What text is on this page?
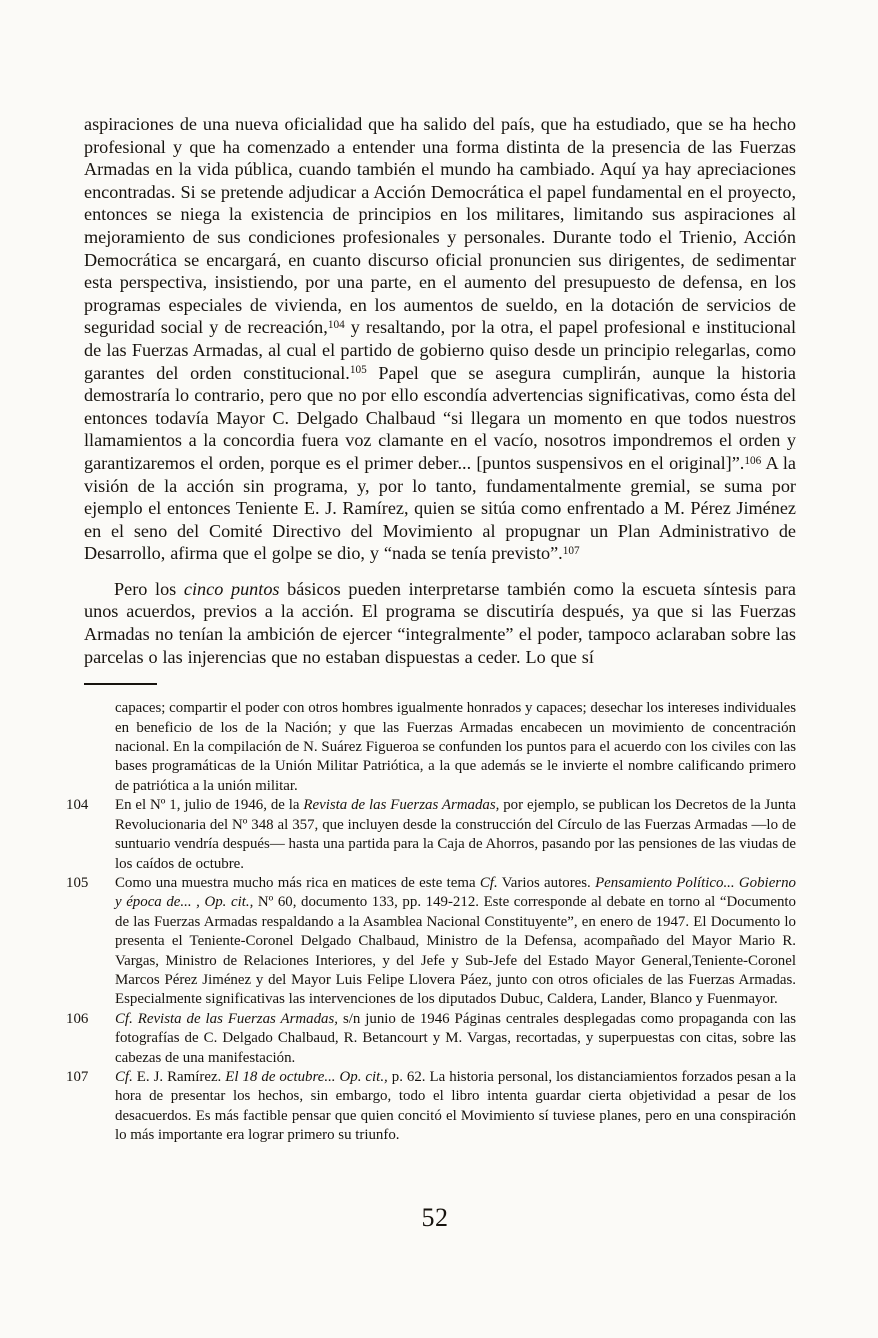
aspiraciones de una nueva oficialidad que ha salido del país, que ha estudiado, que se ha hecho profesional y que ha comenzado a entender una forma distinta de la presencia de las Fuerzas Armadas en la vida pública, cuando también el mundo ha cambiado. Aquí ya hay apreciaciones encontradas. Si se pretende adjudicar a Acción Democrática el papel fundamental en el proyecto, entonces se niega la existencia de principios en los militares, limitando sus aspiraciones al mejoramiento de sus condiciones profesionales y personales. Durante todo el Trienio, Acción Democrática se encargará, en cuanto discurso oficial pronuncien sus dirigentes, de sedimentar esta perspectiva, insistiendo, por una parte, en el aumento del presupuesto de defensa, en los programas especiales de vivienda, en los aumentos de sueldo, en la dotación de servicios de seguridad social y de recreación,$^{104}$ y resaltando, por la otra, el papel profesional e institucional de las Fuerzas Armadas, al cual el partido de gobierno quiso desde un principio relegarlas, como garantes del orden constitucional.$^{105}$ Papel que se asegura cumplirán, aunque la historia demostraría lo contrario, pero que no por ello escondía advertencias significativas, como ésta del entonces todavía Mayor C. Delgado Chalbaud “si llegara un momento en que todos nuestros llamamientos a la concordia fuera voz clamante en el vacío, nosotros impondremos el orden y garantizaremos el orden, porque es el primer deber... [puntos suspensivos en el original]”.$^{106}$ A la visión de la acción sin programa, y, por lo tanto, fundamentalmente gremial, se suma por ejemplo el entonces Teniente E. J. Ramírez, quien se sitúa como enfrentado a M. Pérez Jiménez en el seno del Comité Directivo del Movimiento al propugnar un Plan Administrativo de Desarrollo, afirma que el golpe se dio, y “nada se tenía previsto”.$^{107}$

Pero los cinco puntos básicos pueden interpretarse también como la escueta síntesis para unos acuerdos, previos a la acción. El programa se discutiría después, ya que si las Fuerzas Armadas no tenían la ambición de ejercer “integralmente” el poder, tampoco aclaraban sobre las parcelas o las injerencias que no estaban dispuestas a ceder. Lo que sí

capaces; compartir el poder con otros hombres igualmente honrados y capaces; desechar los intereses individuales en beneficio de los de la Nación; y que las Fuerzas Armadas encabecen un movimiento de concentración nacional. En la compilación de N. Suárez Figueroa se confunden los puntos para el acuerdo con los civiles con las bases programáticas de la Unión Militar Patriótica, a la que además se le invierte el nombre calificando primero de patriótica a la unión militar.
104	En el Nº 1, julio de 1946, de la Revista de las Fuerzas Armadas, por ejemplo, se publican los Decretos de la Junta Revolucionaria del Nº 348 al 357, que incluyen desde la construcción del Círculo de las Fuerzas Armadas —lo de suntuario vendría después— hasta una partida para la Caja de Ahorros, pasando por las pensiones de las viudas de los caídos de octubre.
105	Como una muestra mucho más rica en matices de este tema Cf. Varios autores. Pensamiento Político... Gobierno y época de... , Op. cit., Nº 60, documento 133, pp. 149-212. Este corresponde al debate en torno al “Documento de las Fuerzas Armadas respaldando a la Asamblea Nacional Constituyente”, en enero de 1947. El Documento lo presenta el Teniente-Coronel Delgado Chalbaud, Ministro de la Defensa, acompañado del Mayor Mario R. Vargas, Ministro de Relaciones Interiores, y del Jefe y Sub-Jefe del Estado Mayor General,Teniente-Coronel Marcos Pérez Jiménez y del Mayor Luis Felipe Llovera Páez, junto con otros oficiales de las Fuerzas Armadas. Especialmente significativas las intervenciones de los diputados Dubuc, Caldera, Lander, Blanco y Fuenmayor.
106	Cf. Revista de las Fuerzas Armadas, s/n junio de 1946 Páginas centrales desplegadas como propaganda con las fotografías de C. Delgado Chalbaud, R. Betancourt y M. Vargas, recortadas, y superpuestas con citas, sobre las cabezas de una manifestación.
107	Cf. E. J. Ramírez. El 18 de octubre... Op. cit., p. 62. La historia personal, los distanciamientos forzados pesan a la hora de presentar los hechos, sin embargo, todo el libro intenta guardar cierta objetividad a pesar de los desacuerdos. Es más factible pensar que quien concitó el Movimiento sí tuviese planes, pero en una conspiración lo más importante era lograr primero su triunfo.
52
